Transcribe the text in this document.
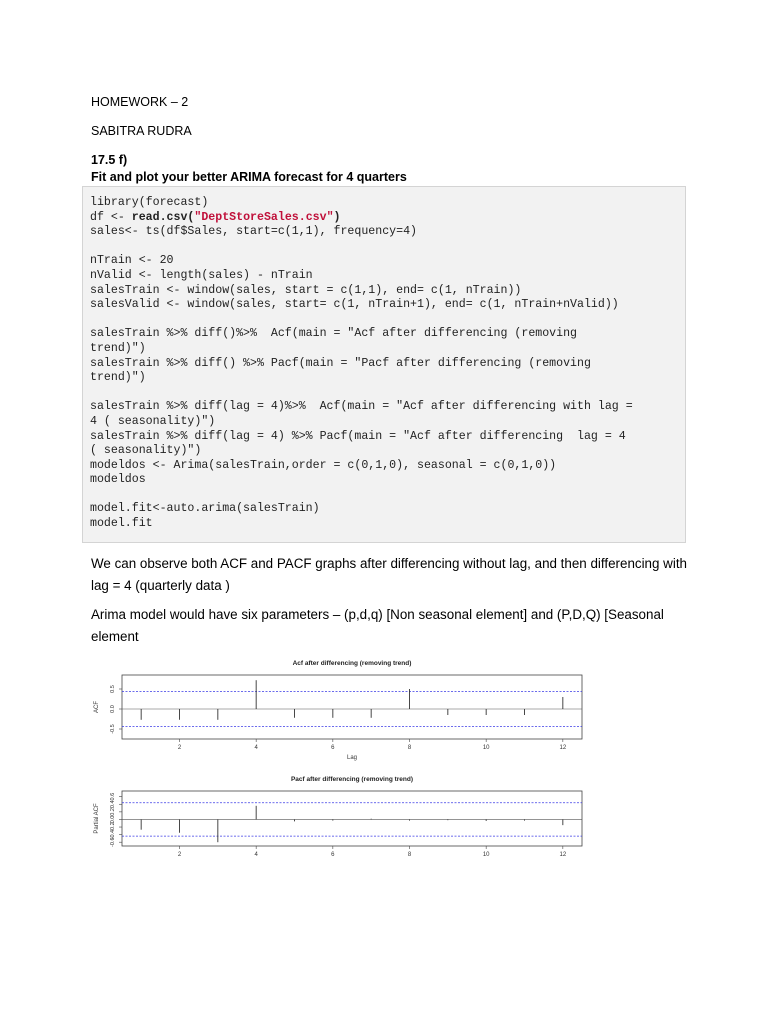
HOMEWORK – 2
SABITRA RUDRA
17.5 f)
Fit and plot your better ARIMA forecast for 4 quarters
library(forecast)
df <- read.csv("DeptStoreSales.csv")
sales<- ts(df$Sales, start=c(1,1), frequency=4)

nTrain <- 20
nValid <- length(sales) - nTrain
salesTrain <- window(sales, start = c(1,1), end= c(1, nTrain))
salesValid <- window(sales, start= c(1, nTrain+1), end= c(1, nTrain+nValid))

salesTrain %>% diff()%>%  Acf(main = "Acf after differencing (removing
trend)")
salesTrain %>% diff() %>% Pacf(main = "Pacf after differencing (removing
trend)")

salesTrain %>% diff(lag = 4)%>%  Acf(main = "Acf after differencing with lag =
4 ( seasonality)")
salesTrain %>% diff(lag = 4) %>% Pacf(main = "Acf after differencing  lag = 4
( seasonality)")
modeldos <- Arima(salesTrain,order = c(0,1,0), seasonal = c(0,1,0))
modeldos

model.fit<-auto.arima(salesTrain)
model.fit
We can observe both ACF and PACF graphs after differencing without lag, and then differencing with lag = 4 (quarterly data )
Arima model would have six parameters – (p,d,q) [Non seasonal element] and (P,D,Q) [Seasonal element
Acf after differencing (removing trend)
2	4	6	8	10	12
-0.5
0.0
0.5
ACF
Lag
Pacf after differencing (removing trend)
2	4	6	8	10	12
-0.6
-0.4
-0.2
0.0
0.2
0.4
0.6
Partial ACF
